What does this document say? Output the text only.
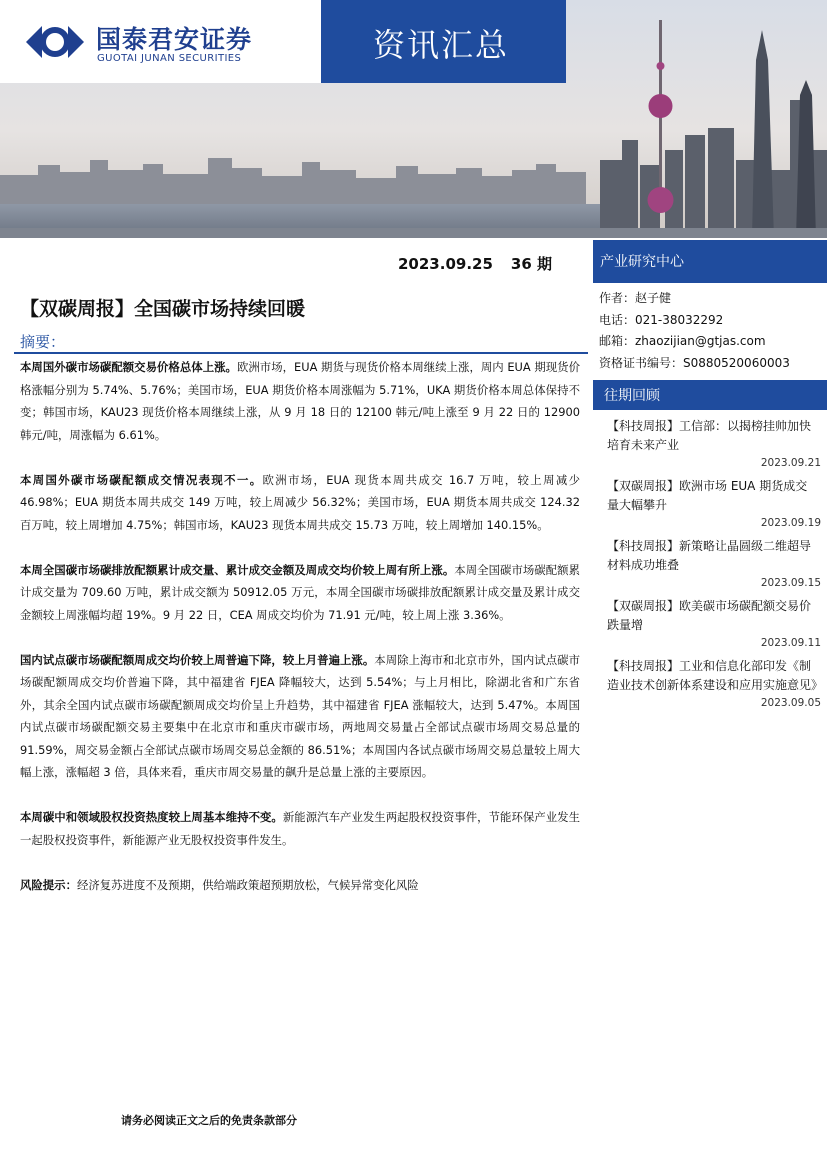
国泰君安证券
GUOTAI JUNAN SECURITIES	资讯汇总
2023.09.25 36 期
【双碳周报】全国碳市场持续回暖
摘要：

本周国外碳市场碳配额交易价格总体上涨。欧洲市场，EUA 期货与现货价格本周继续上涨，周内 EUA 期现货价格涨幅分别为 5.74%、5.76%；美国市场，EUA 期货价格本周涨幅为 5.71%，UKA 期货价格本周总体保持不变；韩国市场，KAU23 现货价格本周继续上涨，从 9 月 18 日的 12100 韩元/吨上涨至 9 月 22 日的 12900 韩元/吨，周涨幅为 6.61%。

本周国外碳市场碳配额成交情况表现不一。欧洲市场，EUA 现货本周共成交 16.7 万吨，较上周减少 46.98%；EUA 期货本周共成交 149 万吨，较上周减少 56.32%；美国市场，EUA 期货本周共成交 124.32 百万吨，较上周增加 4.75%；韩国市场，KAU23 现货本周共成交 15.73 万吨，较上周增加 140.15%。

本周全国碳市场碳排放配额累计成交量、累计成交金额及周成交均价较上周有所上涨。本周全国碳市场碳配额累计成交量为 709.60 万吨，累计成交额为 50912.05 万元，本周全国碳市场碳排放配额累计成交量及累计成交金额较上周涨幅均超 19%。9 月 22 日，CEA 周成交均价为 71.91 元/吨，较上周上涨 3.36%。

国内试点碳市场碳配额周成交均价较上周普遍下降，较上月普遍上涨。本周除上海市和北京市外，国内试点碳市场碳配额周成交均价普遍下降，其中福建省 FJEA 降幅较大，达到 5.54%；与上月相比，除湖北省和广东省外，其余全国内试点碳市场碳配额周成交均价呈上升趋势，其中福建省 FJEA 涨幅较大，达到 5.47%。本周国内试点碳市场碳配额交易主要集中在北京市和重庆市碳市场，两地周交易量占全部试点碳市场周交易总量的 91.59%，周交易金额占全部试点碳市场周交易总金额的 86.51%；本周国内各试点碳市场周交易总量较上周大幅上涨，涨幅超 3 倍，具体来看，重庆市周交易量的飙升是总量上涨的主要原因。

本周碳中和领域股权投资热度较上周基本维持不变。新能源汽车产业发生两起股权投资事件，节能环保产业发生一起股权投资事件，新能源产业无股权投资事件发生。

风险提示：经济复苏进度不及预期，供给端政策超预期放松，气候异常变化风险

产业研究中心
作者：赵子健
电话：021-38032292
邮箱：zhaozijian@gtjas.com
资格证书编号：S0880520060003
往期回顾
【科技周报】工信部：以揭榜挂帅加快培育未来产业
2023.09.21
【双碳周报】欧洲市场 EUA 期货成交量大幅攀升
2023.09.19
【科技周报】新策略让晶圆级二维超导材料成功堆叠
2023.09.15
【双碳周报】欧美碳市场碳配额交易价跌量增
2023.09.11
【科技周报】工业和信息化部印发《制造业技术创新体系建设和应用实施意见》
2023.09.05
请务必阅读正文之后的免责条款部分
